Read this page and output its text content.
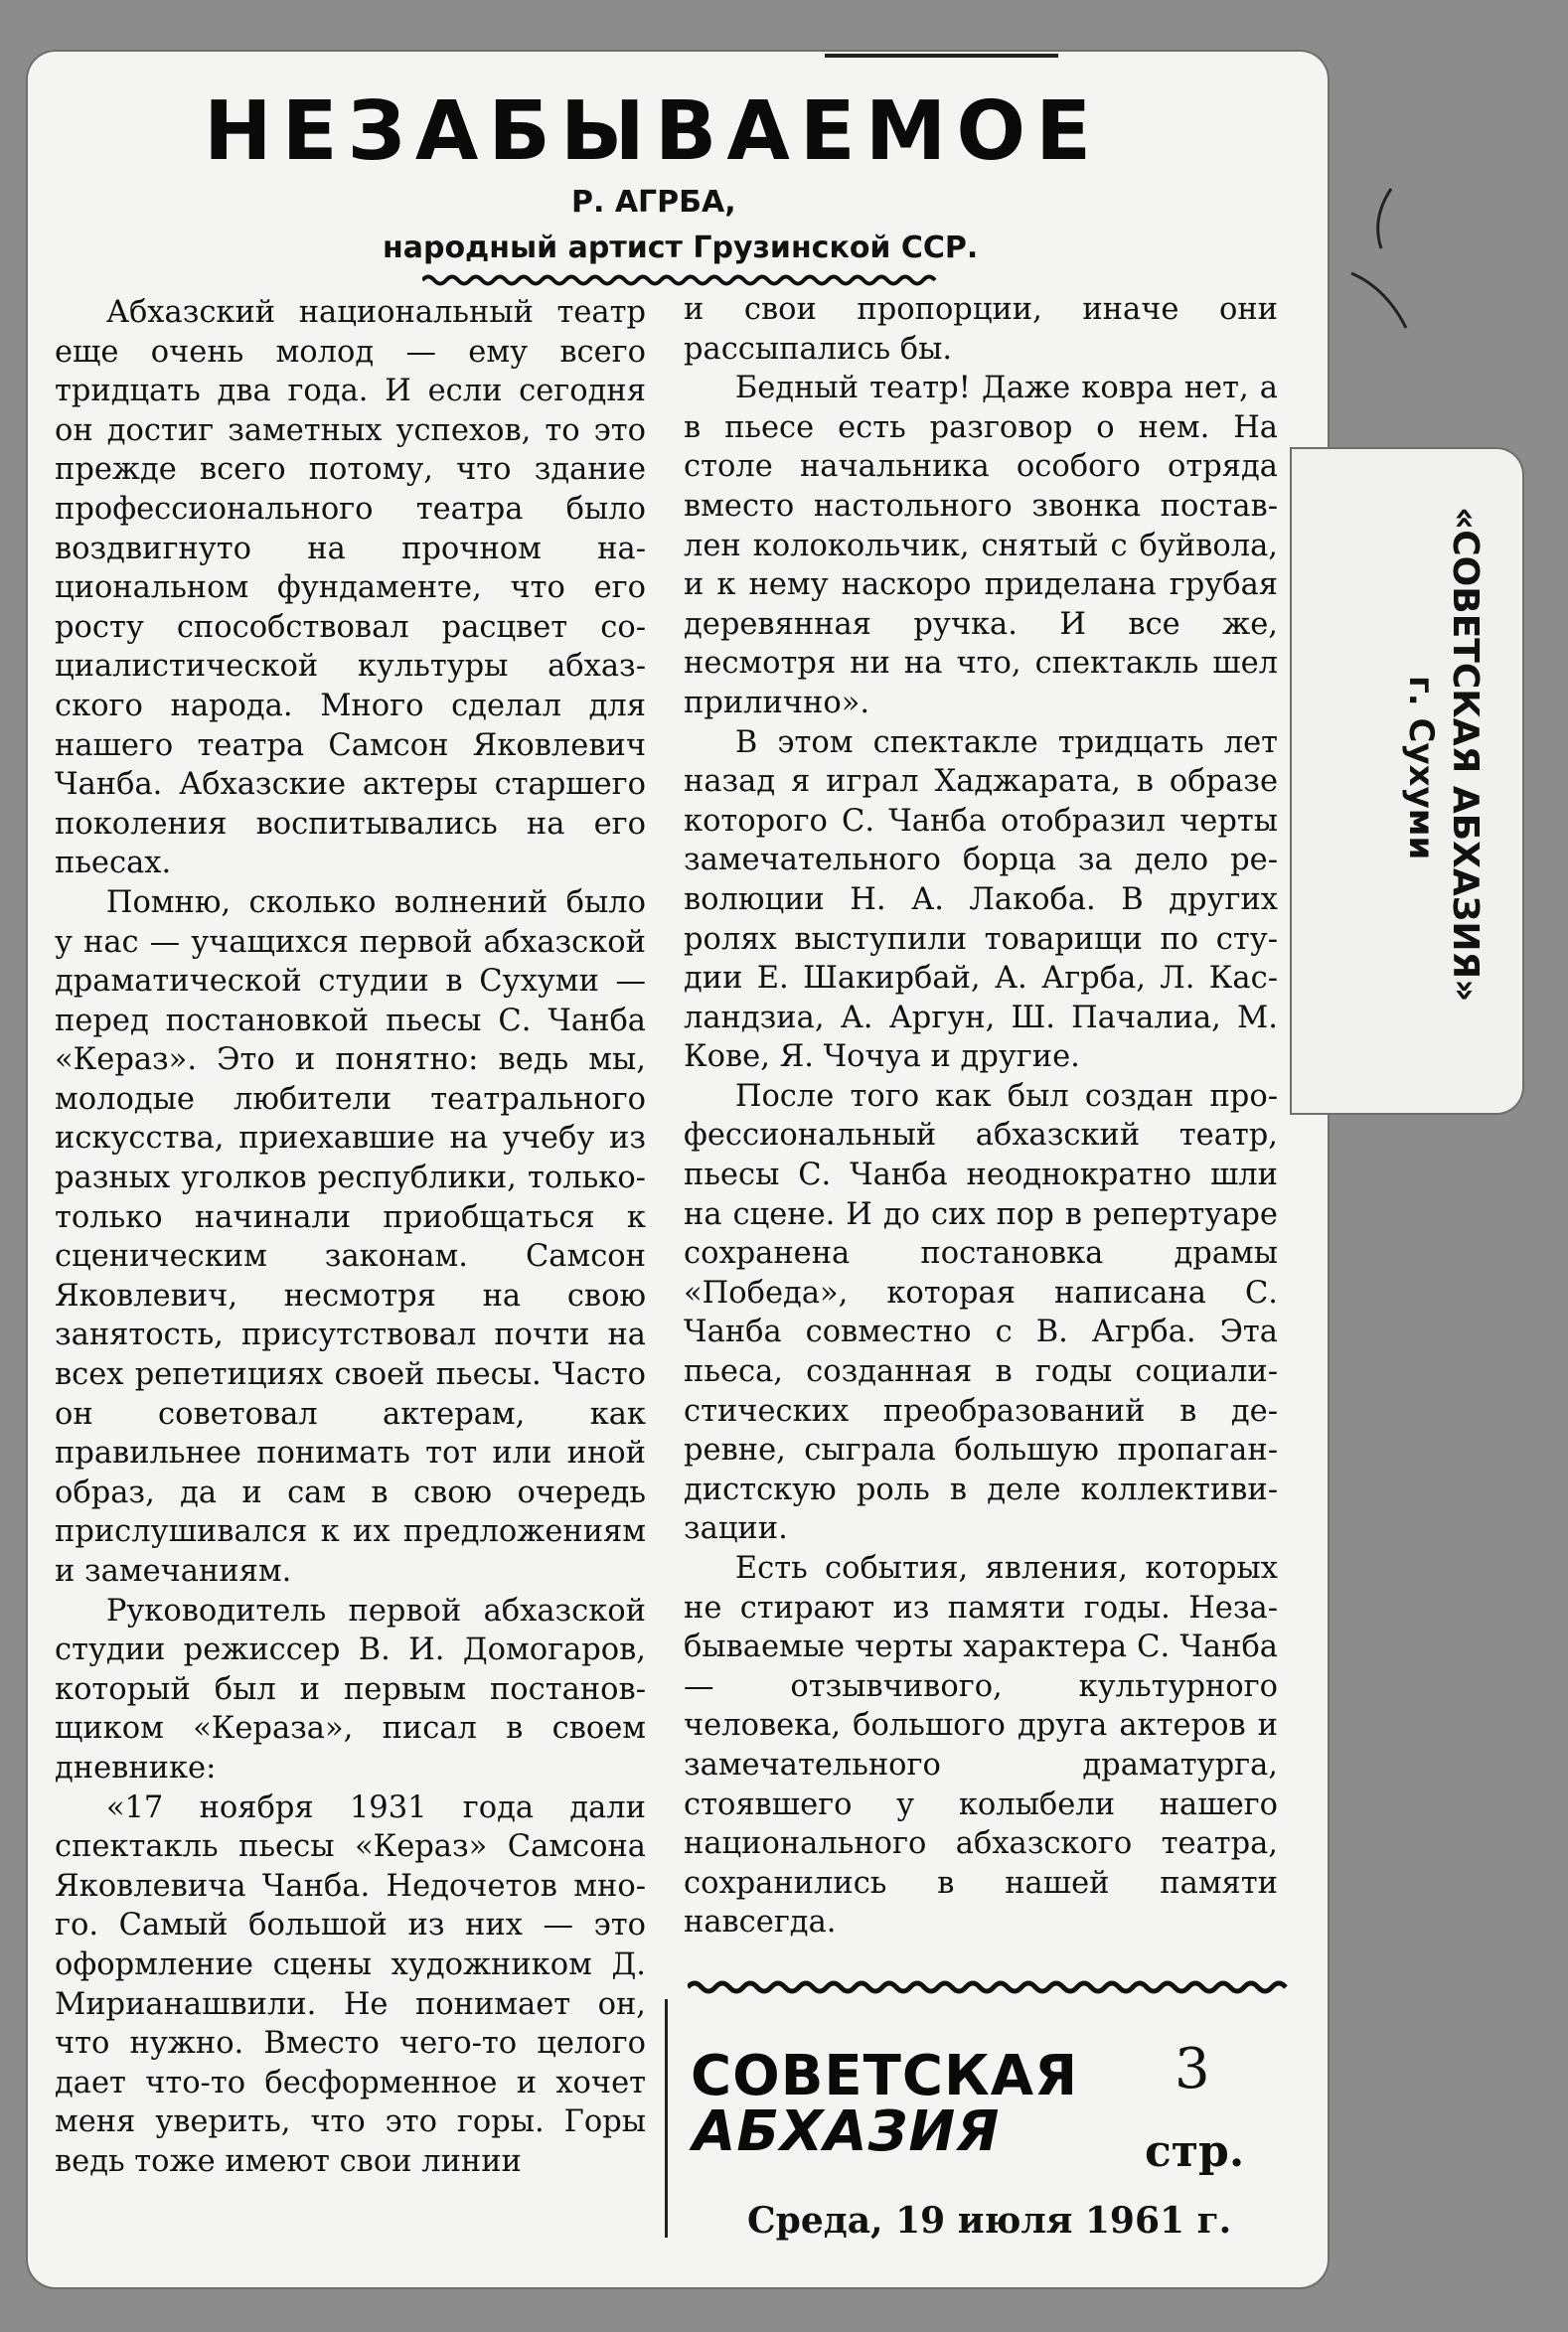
НЕЗАБЫВАЕМОЕ
Р. АГРБА,
народный артист Грузинской ССР.

Абхазский национальный театр еще очень молод — ему всего тридцать два года. И если сегодня он достиг заметных успехов, то это прежде всего потому, что здание профессионального театра было воздвигнуто на прочном национальном фундаменте, что его росту способствовал расцвет социалистической культуры абхазского народа. Много сделал для нашего театра Самсон Яковлевич Чанба. Абхазские актеры старшего поколения воспитывались на его пьесах.

Помню, сколько волнений было у нас — учащихся первой абхазской драматической студии в Сухуми — перед постановкой пьесы С. Чанба «Кераз». Это и понятно: ведь мы, молодые любители театрального искусства, приехавшие на учебу из разных уголков республики, только-только начинали приобщаться к сценическим законам. Самсон Яковлевич, несмотря на свою занятость, присутствовал почти на всех репетициях своей пьесы. Часто он советовал актерам, как правильнее понимать тот или иной образ, да и сам в свою очередь прислушивался к их предложениям и замечаниям.

Руководитель первой абхазской студии режиссер В. И. Домогаров, который был и первым постановщиком «Кераза», писал в своем дневнике:

«17 ноября 1931 года дали спектакль пьесы «Кераз» Самсона Яковлевича Чанба. Недочетов много. Самый большой из них — это оформление сцены художником Д. Мирианашвили. Не понимает он, что нужно. Вместо чего-то целого дает что-то бесформенное и хочет меня уверить, что это горы. Горы ведь тоже имеют свои линии

и свои пропорции, иначе они рассыпались бы.

Бедный театр! Даже ковра нет, а в пьесе есть разговор о нем. На столе начальника особого отряда вместо настольного звонка поставлен колокольчик, снятый с буйвола, и к нему наскоро приделана грубая деревянная ручка. И все же, несмотря ни на что, спектакль шел прилично».

В этом спектакле тридцать лет назад я играл Хаджарата, в образе которого С. Чанба отобразил черты замечательного борца за дело революции Н. А. Лакоба. В других ролях выступили товарищи по студии Е. Шакирбай, А. Агрба, Л. Касландзиа, А. Аргун, Ш. Пачалиа, М. Кове, Я. Чочуа и другие.

После того как был создан профессиональный абхазский театр, пьесы С. Чанба неоднократно шли на сцене. И до сих пор в репертуаре сохранена постановка драмы «Победа», которая написана С. Чанба совместно с В. Агрба. Эта пьеса, созданная в годы социалистических преобразований в деревне, сыграла большую пропагандистскую роль в деле коллективизации.

Есть события, явления, которых не стирают из памяти годы. Незабываемые черты характера С. Чанба — отзывчивого, культурного человека, большого друга актеров и замечательного драматурга, стоявшего у колыбели нашего национального абхазского театра, сохранились в нашей памяти навсегда.

СОВЕТСКАЯ
АБХАЗИЯ
3
стр.
Среда, 19 июля 1961 г.
«СОВЕТСКАЯ АБХАЗИЯ»
г. Сухуми
